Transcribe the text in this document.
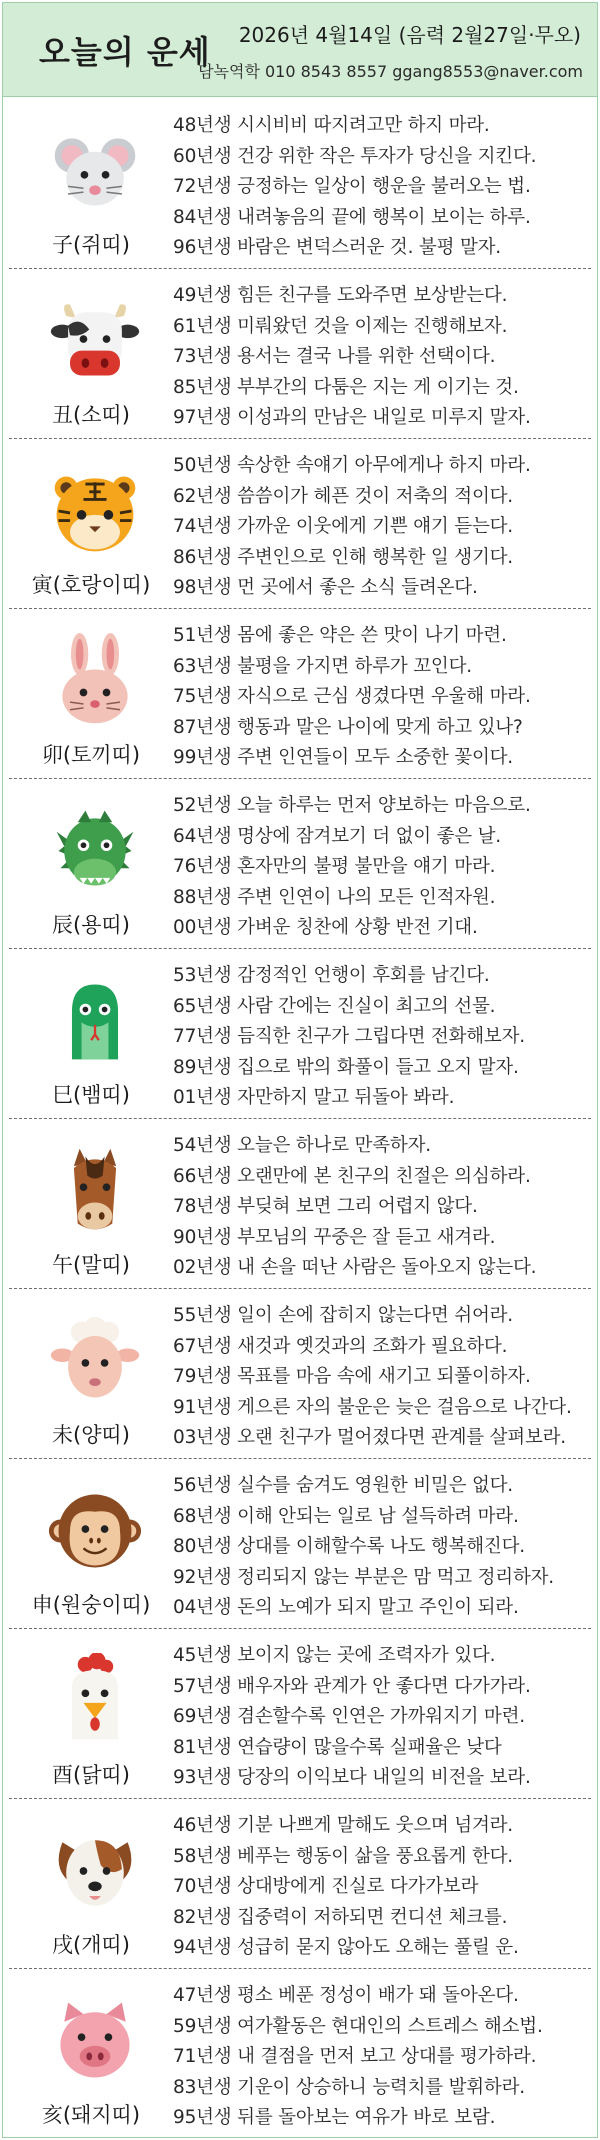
오늘의 운세 2026년 4월14일 (음력 2월27일·무오)
담녹역학 010 8543 8557 ggang8553@naver.com
子(쥐띠)
48년생 시시비비 따지려고만 하지 마라.
60년생 건강 위한 작은 투자가 당신을 지킨다.
72년생 긍정하는 일상이 행운을 불러오는 법.
84년생 내려놓음의 끝에 행복이 보이는 하루.
96년생 바람은 변덕스러운 것. 불평 말자.
丑(소띠)
49년생 힘든 친구를 도와주면 보상받는다.
61년생 미뤄왔던 것을 이제는 진행해보자.
73년생 용서는 결국 나를 위한 선택이다.
85년생 부부간의 다툼은 지는 게 이기는 것.
97년생 이성과의 만남은 내일로 미루지 말자.
寅(호랑이띠)
50년생 속상한 속얘기 아무에게나 하지 마라.
62년생 씀씀이가 헤픈 것이 저축의 적이다.
74년생 가까운 이웃에게 기쁜 얘기 듣는다.
86년생 주변인으로 인해 행복한 일 생기다.
98년생 먼 곳에서 좋은 소식 들려온다.
卯(토끼띠)
51년생 몸에 좋은 약은 쓴 맛이 나기 마련.
63년생 불평을 가지면 하루가 꼬인다.
75년생 자식으로 근심 생겼다면 우울해 마라.
87년생 행동과 말은 나이에 맞게 하고 있나?
99년생 주변 인연들이 모두 소중한 꽃이다.
辰(용띠)
52년생 오늘 하루는 먼저 양보하는 마음으로.
64년생 명상에 잠겨보기 더 없이 좋은 날.
76년생 혼자만의 불평 불만을 얘기 마라.
88년생 주변 인연이 나의 모든 인적자원.
00년생 가벼운 칭찬에 상황 반전 기대.
巳(뱀띠)
53년생 감정적인 언행이 후회를 남긴다.
65년생 사람 간에는 진실이 최고의 선물.
77년생 듬직한 친구가 그립다면 전화해보자.
89년생 집으로 밖의 화풀이 들고 오지 말자.
01년생 자만하지 말고 뒤돌아 봐라.
午(말띠)
54년생 오늘은 하나로 만족하자.
66년생 오랜만에 본 친구의 친절은 의심하라.
78년생 부딪혀 보면 그리 어렵지 않다.
90년생 부모님의 꾸중은 잘 듣고 새겨라.
02년생 내 손을 떠난 사람은 돌아오지 않는다.
未(양띠)
55년생 일이 손에 잡히지 않는다면 쉬어라.
67년생 새것과 옛것과의 조화가 필요하다.
79년생 목표를 마음 속에 새기고 되풀이하자.
91년생 게으른 자의 불운은 늦은 걸음으로 나간다.
03년생 오랜 친구가 멀어졌다면 관계를 살펴보라.
申(원숭이띠)
56년생 실수를 숨겨도 영원한 비밀은 없다.
68년생 이해 안되는 일로 남 설득하려 마라.
80년생 상대를 이해할수록 나도 행복해진다.
92년생 정리되지 않는 부분은 맘 먹고 정리하자.
04년생 돈의 노예가 되지 말고 주인이 되라.
酉(닭띠)
45년생 보이지 않는 곳에 조력자가 있다.
57년생 배우자와 관계가 안 좋다면 다가가라.
69년생 겸손할수록 인연은 가까워지기 마련.
81년생 연습량이 많을수록 실패율은 낮다
93년생 당장의 이익보다 내일의 비전을 보라.
戌(개띠)
46년생 기분 나쁘게 말해도 웃으며 넘겨라.
58년생 베푸는 행동이 삶을 풍요롭게 한다.
70년생 상대방에게 진실로 다가가보라
82년생 집중력이 저하되면 컨디션 체크를.
94년생 성급히 묻지 않아도 오해는 풀릴 운.
亥(돼지띠)
47년생 평소 베푼 정성이 배가 돼 돌아온다.
59년생 여가활동은 현대인의 스트레스 해소법.
71년생 내 결점을 먼저 보고 상대를 평가하라.
83년생 기운이 상승하니 능력치를 발휘하라.
95년생 뒤를 돌아보는 여유가 바로 보람.
